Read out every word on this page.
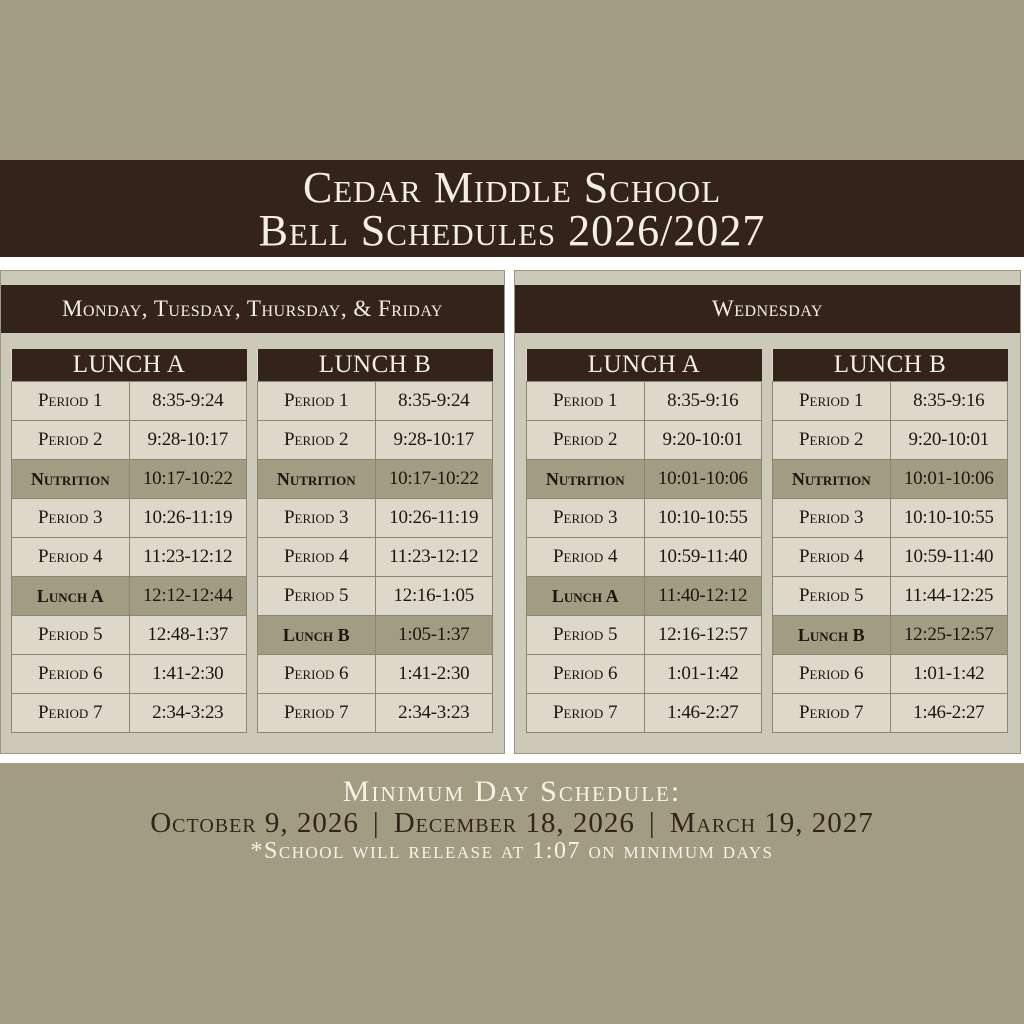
Cedar Middle School
Bell Schedules 2026/2027
Monday, Tuesday, Thursday, & Friday
LUNCH A	
Period 1	8:35-9:24
Period 2	9:28-10:17
Nutrition	10:17-10:22
Period 3	10:26-11:19
Period 4	11:23-12:12
Lunch A	12:12-12:44
Period 5	12:48-1:37
Period 6	1:41-2:30
Period 7	2:34-3:23
LUNCH B	
Period 1	8:35-9:24
Period 2	9:28-10:17
Nutrition	10:17-10:22
Period 3	10:26-11:19
Period 4	11:23-12:12
Period 5	12:16-1:05
Lunch B	1:05-1:37
Period 6	1:41-2:30
Period 7	2:34-3:23
Wednesday
LUNCH A	
Period 1	8:35-9:16
Period 2	9:20-10:01
Nutrition	10:01-10:06
Period 3	10:10-10:55
Period 4	10:59-11:40
Lunch A	11:40-12:12
Period 5	12:16-12:57
Period 6	1:01-1:42
Period 7	1:46-2:27
LUNCH B	
Period 1	8:35-9:16
Period 2	9:20-10:01
Nutrition	10:01-10:06
Period 3	10:10-10:55
Period 4	10:59-11:40
Period 5	11:44-12:25
Lunch B	12:25-12:57
Period 6	1:01-1:42
Period 7	1:46-2:27
Minimum Day Schedule:
October 9, 2026 | December 18, 2026 | March 19, 2027
*School will release at 1:07 on minimum days
